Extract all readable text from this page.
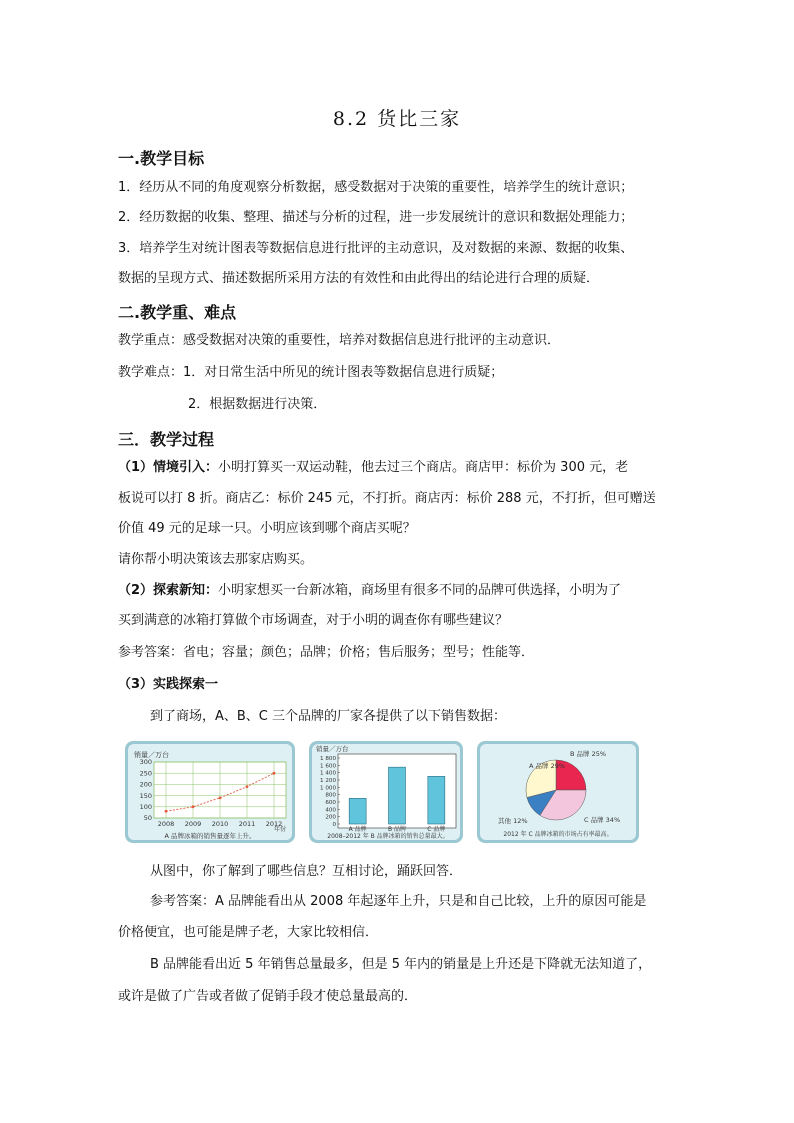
8.2 货比三家
一.教学目标
1．经历从不同的角度观察分析数据，感受数据对于决策的重要性，培养学生的统计意识；
2．经历数据的收集、整理、描述与分析的过程，进一步发展统计的意识和数据处理能力；
3．培养学生对统计图表等数据信息进行批评的主动意识，及对数据的来源、数据的收集、
数据的呈现方式、描述数据所采用方法的有效性和由此得出的结论进行合理的质疑．
二.教学重、难点
教学重点：感受数据对决策的重要性，培养对数据信息进行批评的主动意识．
教学难点：1．对日常生活中所见的统计图表等数据信息进行质疑；
2．根据数据进行决策．
三．教学过程
（1）情境引入：小明打算买一双运动鞋，他去过三个商店。商店甲：标价为 300 元，老
板说可以打 8 折。商店乙：标价 245 元，不打折。商店丙：标价 288 元，不打折，但可赠送
价值 49 元的足球一只。小明应该到哪个商店买呢？
请你帮小明决策该去那家店购买。
（2）探索新知：小明家想买一台新冰箱，商场里有很多不同的品牌可供选择，小明为了
买到满意的冰箱打算做个市场调查，对于小明的调查你有哪些建议？
参考答案：省电；容量；颜色；品牌；价格；售后服务；型号；性能等．
（3）实践探索一
到了商场，A、B、C 三个品牌的厂家各提供了以下销售数据：
销量／万台
50
100
150
200
250
300
2008 2009 2010 2011 2012
年份
A 品牌冰箱的销售量逐年上升。
销量／万台
1 800
1 600
1 400
1 200
1 000
800
600
400
200
0
A 品牌	B 品牌	C 品牌
2008–2012 年 B 品牌冰箱的销售总量最大。
A 品牌 29%
B 品牌 25%
C 品牌 34%
其他 12%
2012 年 C 品牌冰箱的市场占有率最高。
从图中，你了解到了哪些信息？互相讨论，踊跃回答．
参考答案：A 品牌能看出从 2008 年起逐年上升，只是和自己比较，上升的原因可能是
价格便宜，也可能是牌子老，大家比较相信．
B 品牌能看出近 5 年销售总量最多，但是 5 年内的销量是上升还是下降就无法知道了，
或许是做了广告或者做了促销手段才使总量最高的．
